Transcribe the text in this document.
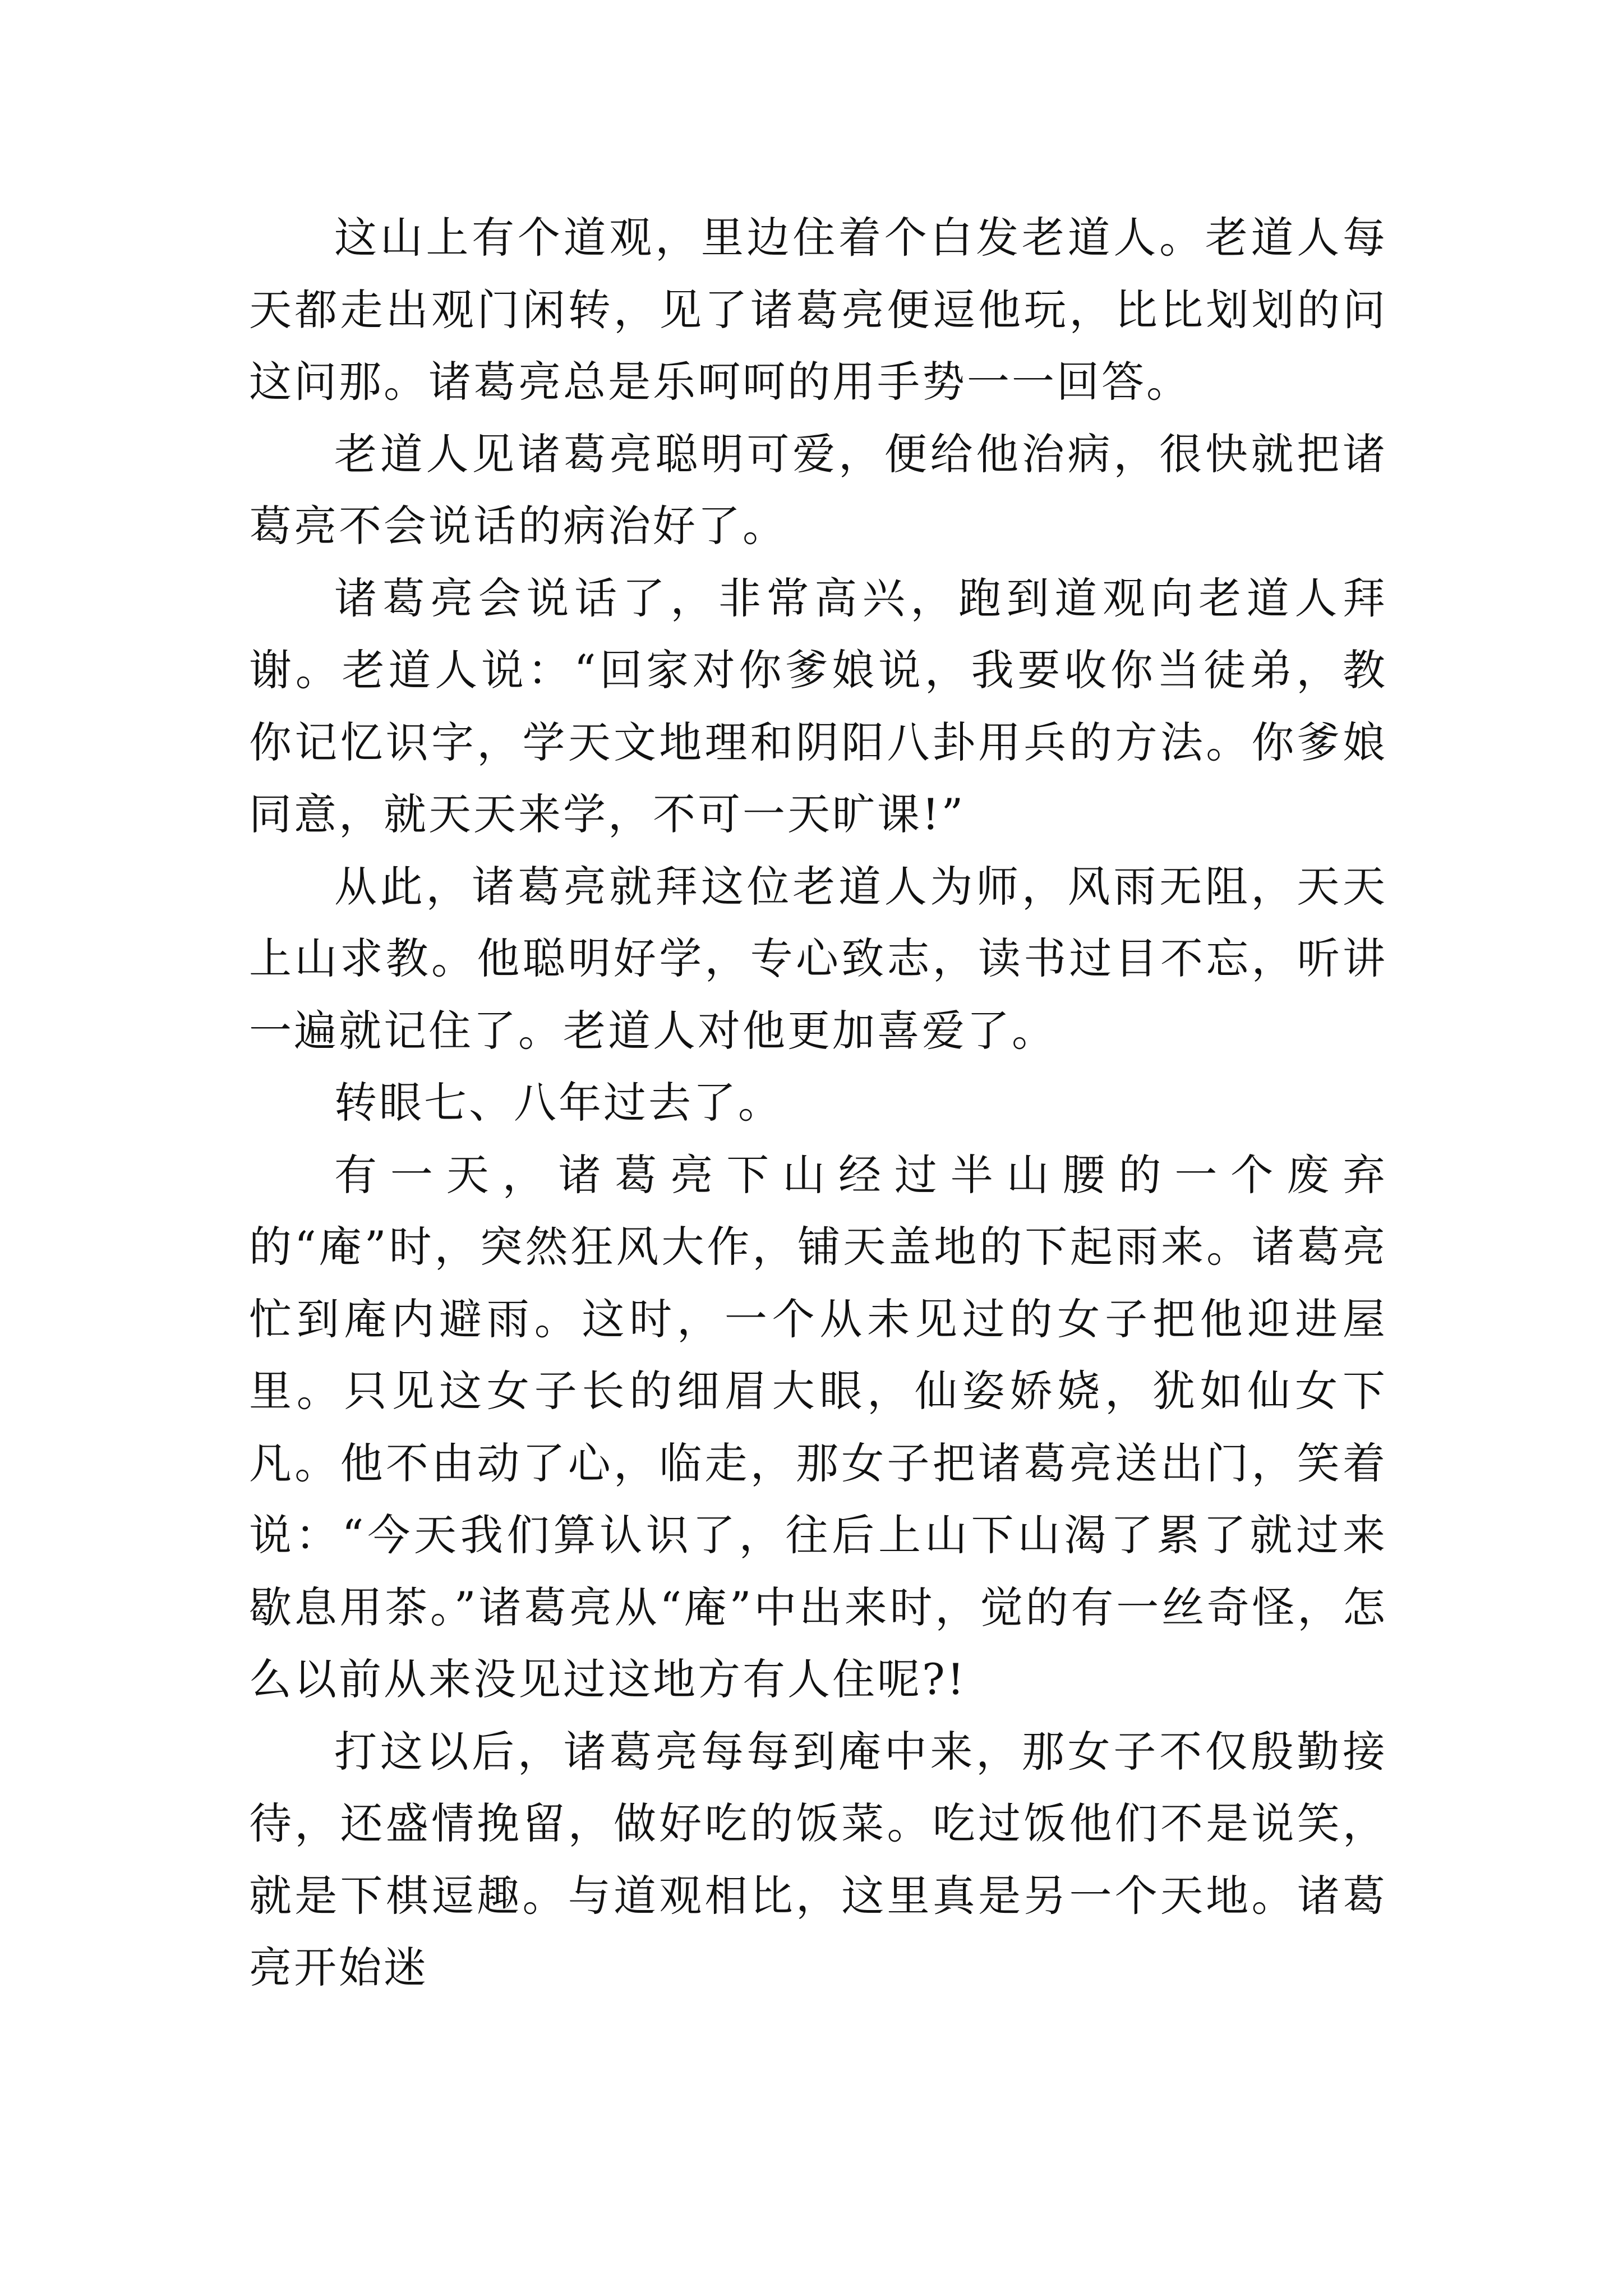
这山上有个道观，里边住着个白发老道人。老道人每天都走出观门闲转，见了诸葛亮便逗他玩，比比划划的问这问那。诸葛亮总是乐呵呵的用手势一一回答。

老道人见诸葛亮聪明可爱，便给他治病，很快就把诸葛亮不会说话的病治好了。

诸葛亮会说话了，非常高兴，跑到道观向老道人拜谢。老道人说：“回家对你爹娘说，我要收你当徒弟，教你记忆识字，学天文地理和阴阳八卦用兵的方法。你爹娘同意，就天天来学，不可一天旷课!”

从此，诸葛亮就拜这位老道人为师，风雨无阻，天天上山求教。他聪明好学，专心致志，读书过目不忘，听讲一遍就记住了。老道人对他更加喜爱了。

转眼七、八年过去了。

有一天，诸葛亮下山经过半山腰的一个废弃的“庵”时，突然狂风大作，铺天盖地的下起雨来。诸葛亮忙到庵内避雨。这时，一个从未见过的女子把他迎进屋里。只见这女子长的细眉大眼，仙姿娇娆，犹如仙女下凡。他不由动了心，临走，那女子把诸葛亮送出门，笑着说：“今天我们算认识了，往后上山下山渴了累了就过来歇息用茶。”诸葛亮从“庵”中出来时，觉的有一丝奇怪，怎么以前从来没见过这地方有人住呢?!

打这以后，诸葛亮每每到庵中来，那女子不仅殷勤接待，还盛情挽留，做好吃的饭菜。吃过饭他们不是说笑，就是下棋逗趣。与道观相比，这里真是另一个天地。诸葛亮开始迷
